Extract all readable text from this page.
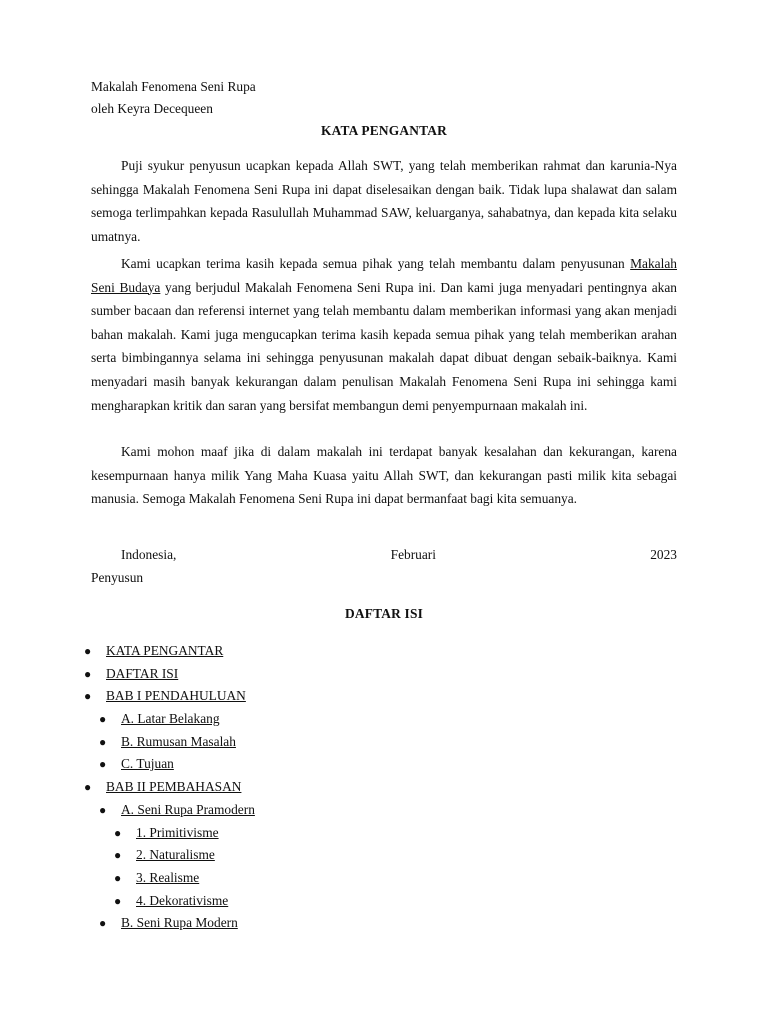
Makalah Fenomena Seni Rupa
oleh Keyra Decequeen
KATA PENGANTAR

Puji syukur penyusun ucapkan kepada Allah SWT, yang telah memberikan rahmat dan karunia-Nya sehingga Makalah Fenomena Seni Rupa ini dapat diselesaikan dengan baik. Tidak lupa shalawat dan salam semoga terlimpahkan kepada Rasulullah Muhammad SAW, keluarganya, sahabatnya, dan kepada kita selaku umatnya.

Kami ucapkan terima kasih kepada semua pihak yang telah membantu dalam penyusunan Makalah Seni Budaya yang berjudul Makalah Fenomena Seni Rupa ini. Dan kami juga menyadari pentingnya akan sumber bacaan dan referensi internet yang telah membantu dalam memberikan informasi yang akan menjadi bahan makalah. Kami juga mengucapkan terima kasih kepada semua pihak yang telah memberikan arahan serta bimbingannya selama ini sehingga penyusunan makalah dapat dibuat dengan sebaik-baiknya. Kami menyadari masih banyak kekurangan dalam penulisan Makalah Fenomena Seni Rupa ini sehingga kami mengharapkan kritik dan saran yang bersifat membangun demi penyempurnaan makalah ini.

Kami mohon maaf jika di dalam makalah ini terdapat banyak kesalahan dan kekurangan, karena kesempurnaan hanya milik Yang Maha Kuasa yaitu Allah SWT, dan kekurangan pasti milik kita sebagai manusia. Semoga Makalah Fenomena Seni Rupa ini dapat bermanfaat bagi kita semuanya.

Indonesia,	Februari	2023
Penyusun
DAFTAR ISI
● KATA PENGANTAR
● DAFTAR ISI
● BAB I PENDAHULUAN
● A. Latar Belakang
● B. Rumusan Masalah
● C. Tujuan
● BAB II PEMBAHASAN
● A. Seni Rupa Pramodern
● 1. Primitivisme
● 2. Naturalisme
● 3. Realisme
● 4. Dekorativisme
● B. Seni Rupa Modern
